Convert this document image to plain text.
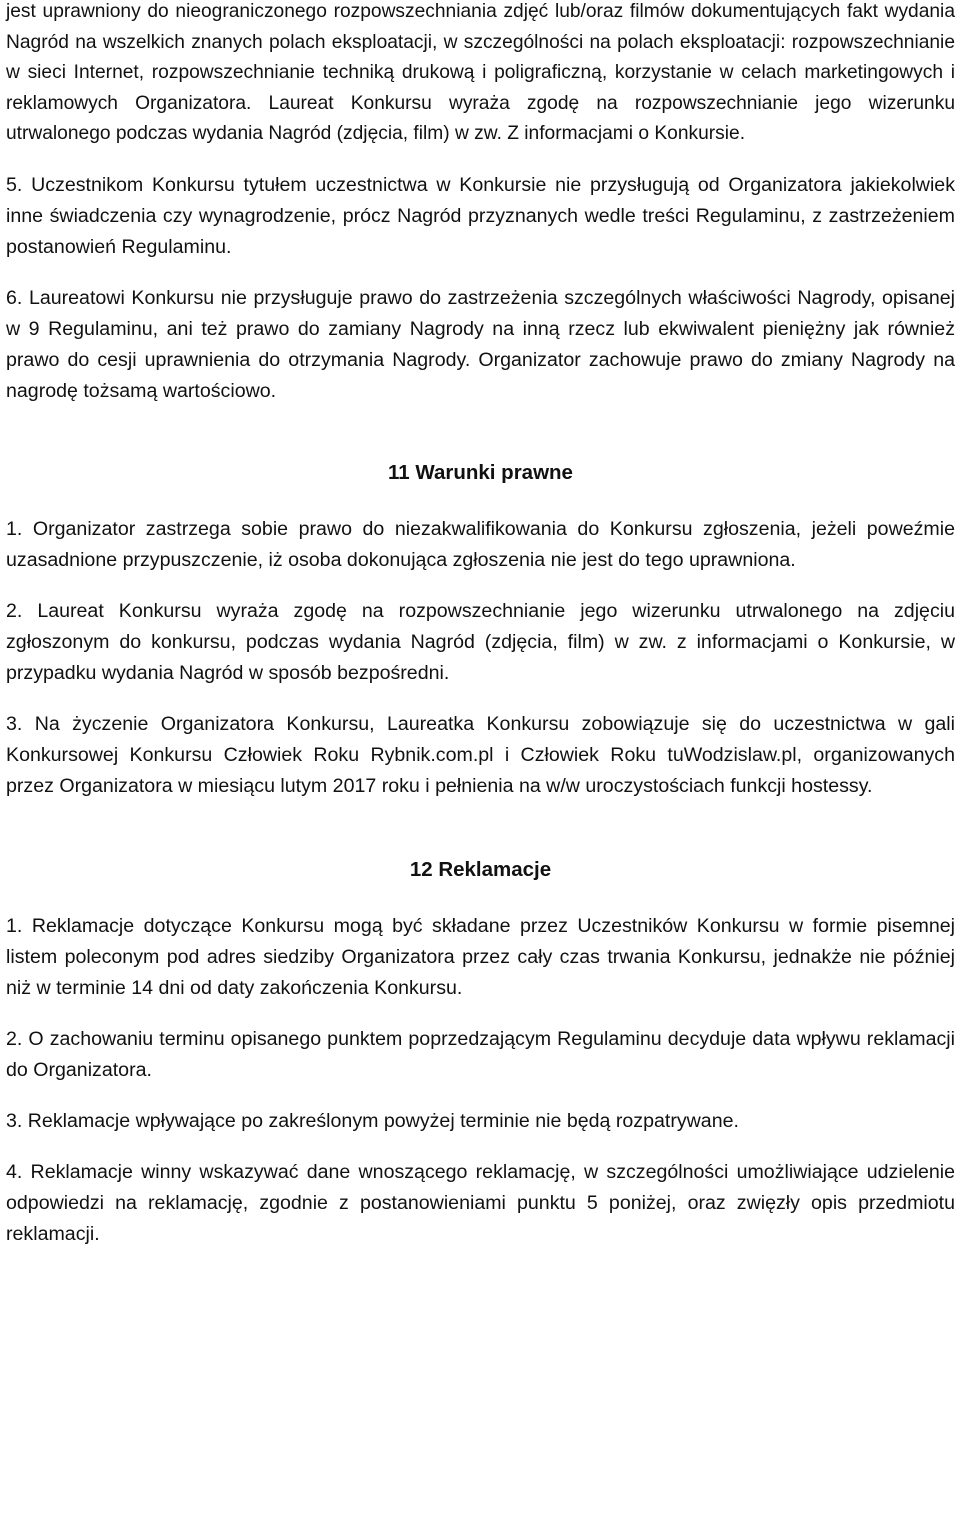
jest uprawniony do nieograniczonego rozpowszechniania zdjęć lub/oraz filmów dokumentujących fakt wydania Nagród na wszelkich znanych polach eksploatacji, w szczególności na polach eksploatacji: rozpowszechnianie w sieci Internet, rozpowszechnianie techniką drukową i poligraficzną, korzystanie w celach marketingowych i reklamowych Organizatora. Laureat Konkursu wyraża zgodę na rozpowszechnianie jego wizerunku utrwalonego podczas wydania Nagród (zdjęcia, film) w zw. Z informacjami o Konkursie.

5. Uczestnikom Konkursu tytułem uczestnictwa w Konkursie nie przysługują od Organizatora jakiekolwiek inne świadczenia czy wynagrodzenie, prócz Nagród przyznanych wedle treści Regulaminu, z zastrzeżeniem postanowień Regulaminu.

6. Laureatowi Konkursu nie przysługuje prawo do zastrzeżenia szczególnych właściwości Nagrody, opisanej w 9 Regulaminu, ani też prawo do zamiany Nagrody na inną rzecz lub ekwiwalent pieniężny jak również prawo do cesji uprawnienia do otrzymania Nagrody. Organizator zachowuje prawo do zmiany Nagrody na nagrodę tożsamą wartościowo.

11 Warunki prawne

1. Organizator zastrzega sobie prawo do niezakwalifikowania do Konkursu zgłoszenia, jeżeli poweźmie uzasadnione przypuszczenie, iż osoba dokonująca zgłoszenia nie jest do tego uprawniona.

2. Laureat Konkursu wyraża zgodę na rozpowszechnianie jego wizerunku utrwalonego na zdjęciu zgłoszonym do konkursu, podczas wydania Nagród (zdjęcia, film) w zw. z informacjami o Konkursie, w przypadku wydania Nagród w sposób bezpośredni.

3. Na życzenie Organizatora Konkursu, Laureatka Konkursu zobowiązuje się do uczestnictwa w gali Konkursowej Konkursu Człowiek Roku Rybnik.com.pl i Człowiek Roku tuWodzislaw.pl, organizowanych przez Organizatora w miesiącu lutym 2017 roku i pełnienia na w/w uroczystościach funkcji hostessy.

12 Reklamacje

1. Reklamacje dotyczące Konkursu mogą być składane przez Uczestników Konkursu w formie pisemnej listem poleconym pod adres siedziby Organizatora przez cały czas trwania Konkursu, jednakże nie później niż w terminie 14 dni od daty zakończenia Konkursu.

2. O zachowaniu terminu opisanego punktem poprzedzającym Regulaminu decyduje data wpływu reklamacji do Organizatora.

3. Reklamacje wpływające po zakreślonym powyżej terminie nie będą rozpatrywane.

4. Reklamacje winny wskazywać dane wnoszącego reklamację, w szczególności umożliwiające udzielenie odpowiedzi na reklamację, zgodnie z postanowieniami punktu 5 poniżej, oraz zwięzły opis przedmiotu reklamacji.
